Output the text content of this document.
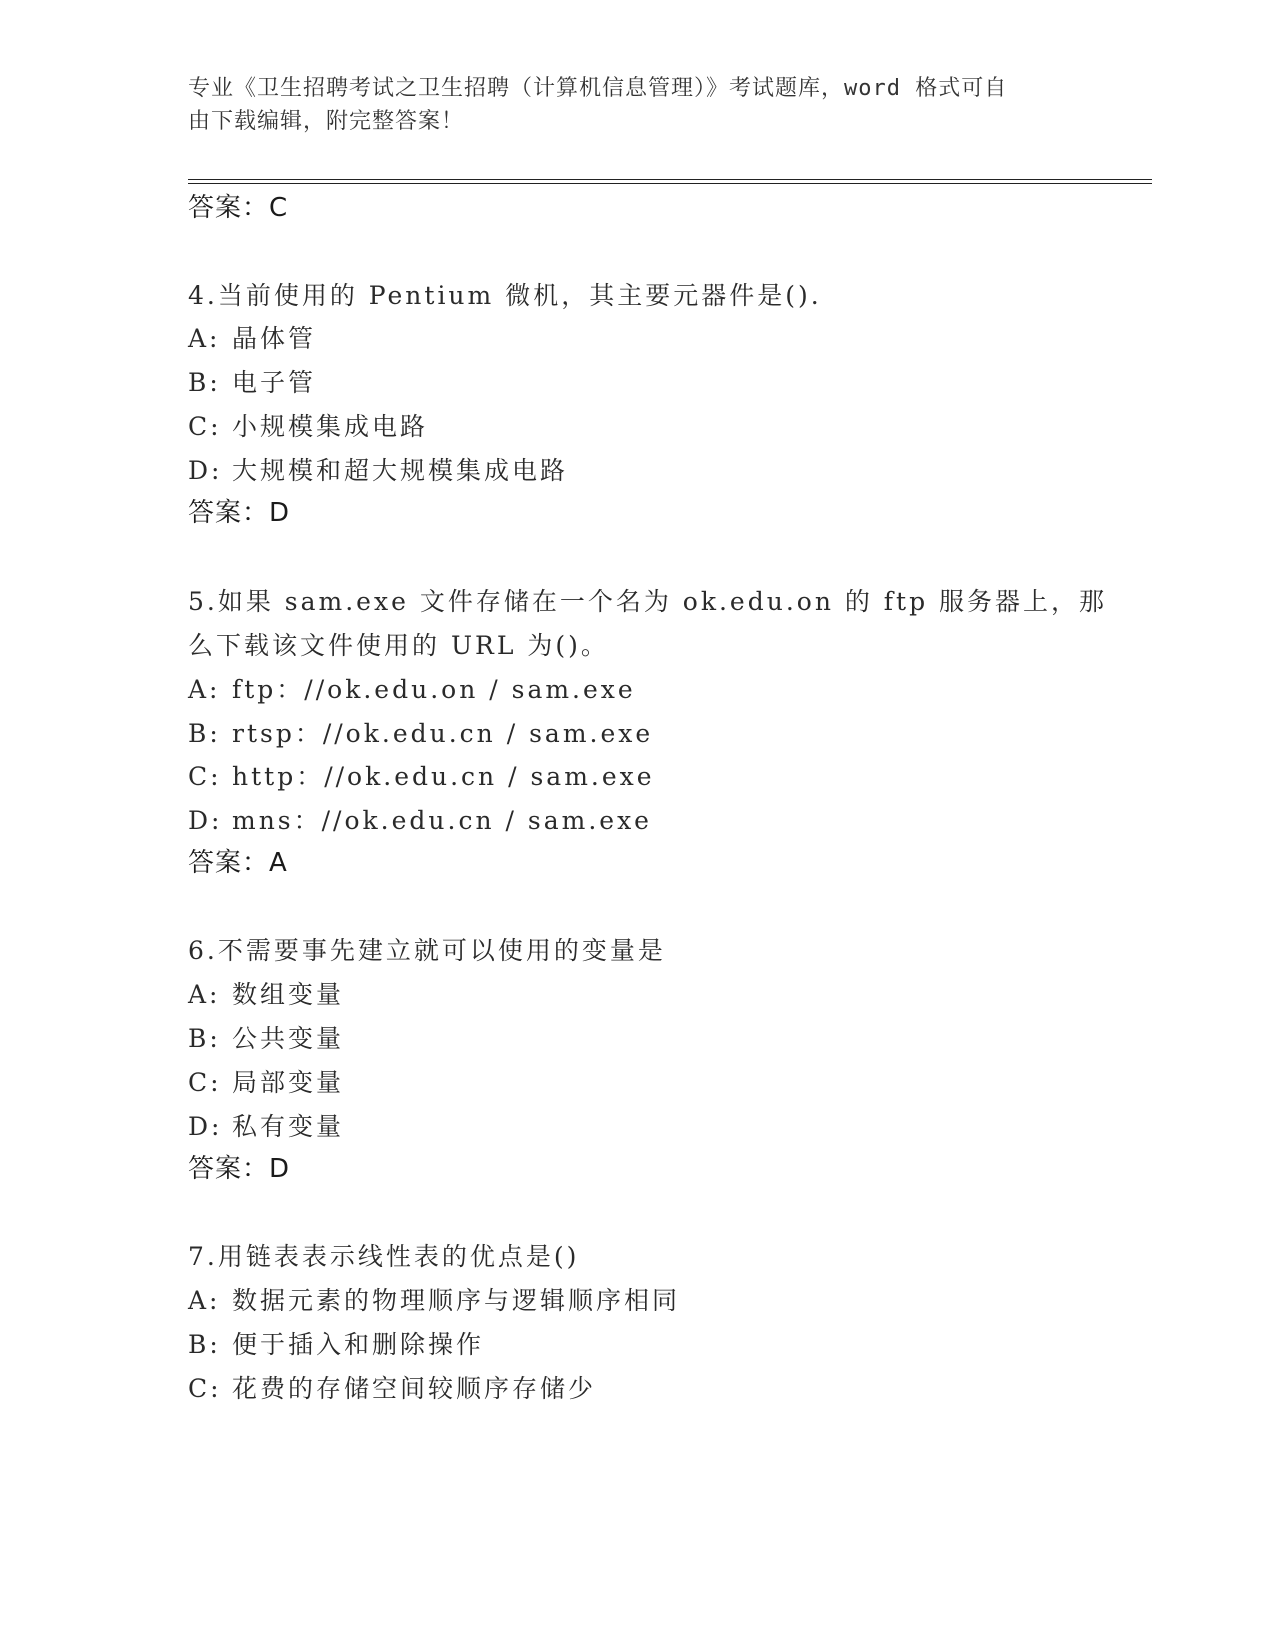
专业《卫生招聘考试之卫生招聘（计算机信息管理）》考试题库，word 格式可自
由下载编辑，附完整答案！
答案：C
4.当前使用的 Pentium 微机，其主要元器件是().
A: 晶体管
B: 电子管
C: 小规模集成电路
D: 大规模和超大规模集成电路
答案：D
5.如果 sam.exe 文件存储在一个名为 ok.edu.on 的 ftp 服务器上，那
么下载该文件使用的 URL 为()。
A: ftp：//ok.edu.on / sam.exe
B: rtsp：//ok.edu.cn / sam.exe
C: http：//ok.edu.cn / sam.exe
D: mns：//ok.edu.cn / sam.exe
答案：A
6.不需要事先建立就可以使用的变量是
A: 数组变量
B: 公共变量
C: 局部变量
D: 私有变量
答案：D
7.用链表表示线性表的优点是()
A: 数据元素的物理顺序与逻辑顺序相同
B: 便于插入和删除操作
C: 花费的存储空间较顺序存储少
